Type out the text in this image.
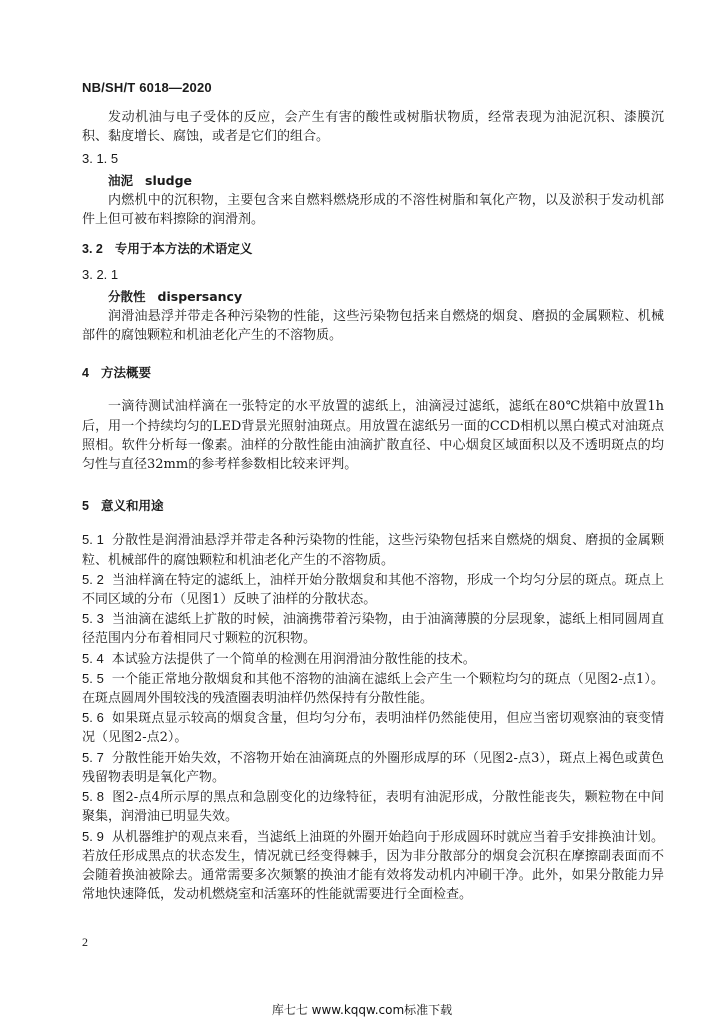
NB/SH/T 6018—2020

发动机油与电子受体的反应，会产生有害的酸性或树脂状物质，经常表现为油泥沉积、漆膜沉积、黏度增长、腐蚀，或者是它们的组合。

3. 1. 5

油泥 sludge

内燃机中的沉积物，主要包含来自燃料燃烧形成的不溶性树脂和氧化产物，以及淤积于发动机部件上但可被布料擦除的润滑剂。

3. 2 专用于本方法的术语定义

3. 2. 1

分散性 dispersancy

润滑油悬浮并带走各种污染物的性能，这些污染物包括来自燃烧的烟炱、磨损的金属颗粒、机械部件的腐蚀颗粒和机油老化产生的不溶物质。

4 方法概要

一滴待测试油样滴在一张特定的水平放置的滤纸上，油滴浸过滤纸，滤纸在80℃烘箱中放置1h后，用一个持续均匀的LED背景光照射油斑点。用放置在滤纸另一面的CCD相机以黑白模式对油斑点照相。软件分析每一像素。油样的分散性能由油滴扩散直径、中心烟炱区域面积以及不透明斑点的均匀性与直径32mm的参考样参数相比较来评判。

5 意义和用途

5. 1 分散性是润滑油悬浮并带走各种污染物的性能，这些污染物包括来自燃烧的烟炱、磨损的金属颗粒、机械部件的腐蚀颗粒和机油老化产生的不溶物质。

5. 2 当油样滴在特定的滤纸上，油样开始分散烟炱和其他不溶物，形成一个均匀分层的斑点。斑点上不同区域的分布（见图1）反映了油样的分散状态。

5. 3 当油滴在滤纸上扩散的时候，油滴携带着污染物，由于油滴薄膜的分层现象，滤纸上相同圆周直径范围内分布着相同尺寸颗粒的沉积物。

5. 4 本试验方法提供了一个简单的检测在用润滑油分散性能的技术。

5. 5 一个能正常地分散烟炱和其他不溶物的油滴在滤纸上会产生一个颗粒均匀的斑点（见图2-点1）。在斑点圆周外围较浅的残渣圈表明油样仍然保持有分散性能。

5. 6 如果斑点显示较高的烟炱含量，但均匀分布，表明油样仍然能使用，但应当密切观察油的衰变情况（见图2-点2）。

5. 7 分散性能开始失效，不溶物开始在油滴斑点的外圈形成厚的环（见图2-点3），斑点上褐色或黄色残留物表明是氧化产物。

5. 8 图2-点4所示厚的黑点和急剧变化的边缘特征，表明有油泥形成，分散性能丧失，颗粒物在中间聚集，润滑油已明显失效。

5. 9 从机器维护的观点来看，当滤纸上油斑的外圈开始趋向于形成圆环时就应当着手安排换油计划。若放任形成黑点的状态发生，情况就已经变得棘手，因为非分散部分的烟炱会沉积在摩擦副表面而不会随着换油被除去。通常需要多次频繁的换油才能有效将发动机内冲刷干净。此外，如果分散能力异常地快速降低，发动机燃烧室和活塞环的性能就需要进行全面检查。

2
库七七 www.kqqw.com标准下载
